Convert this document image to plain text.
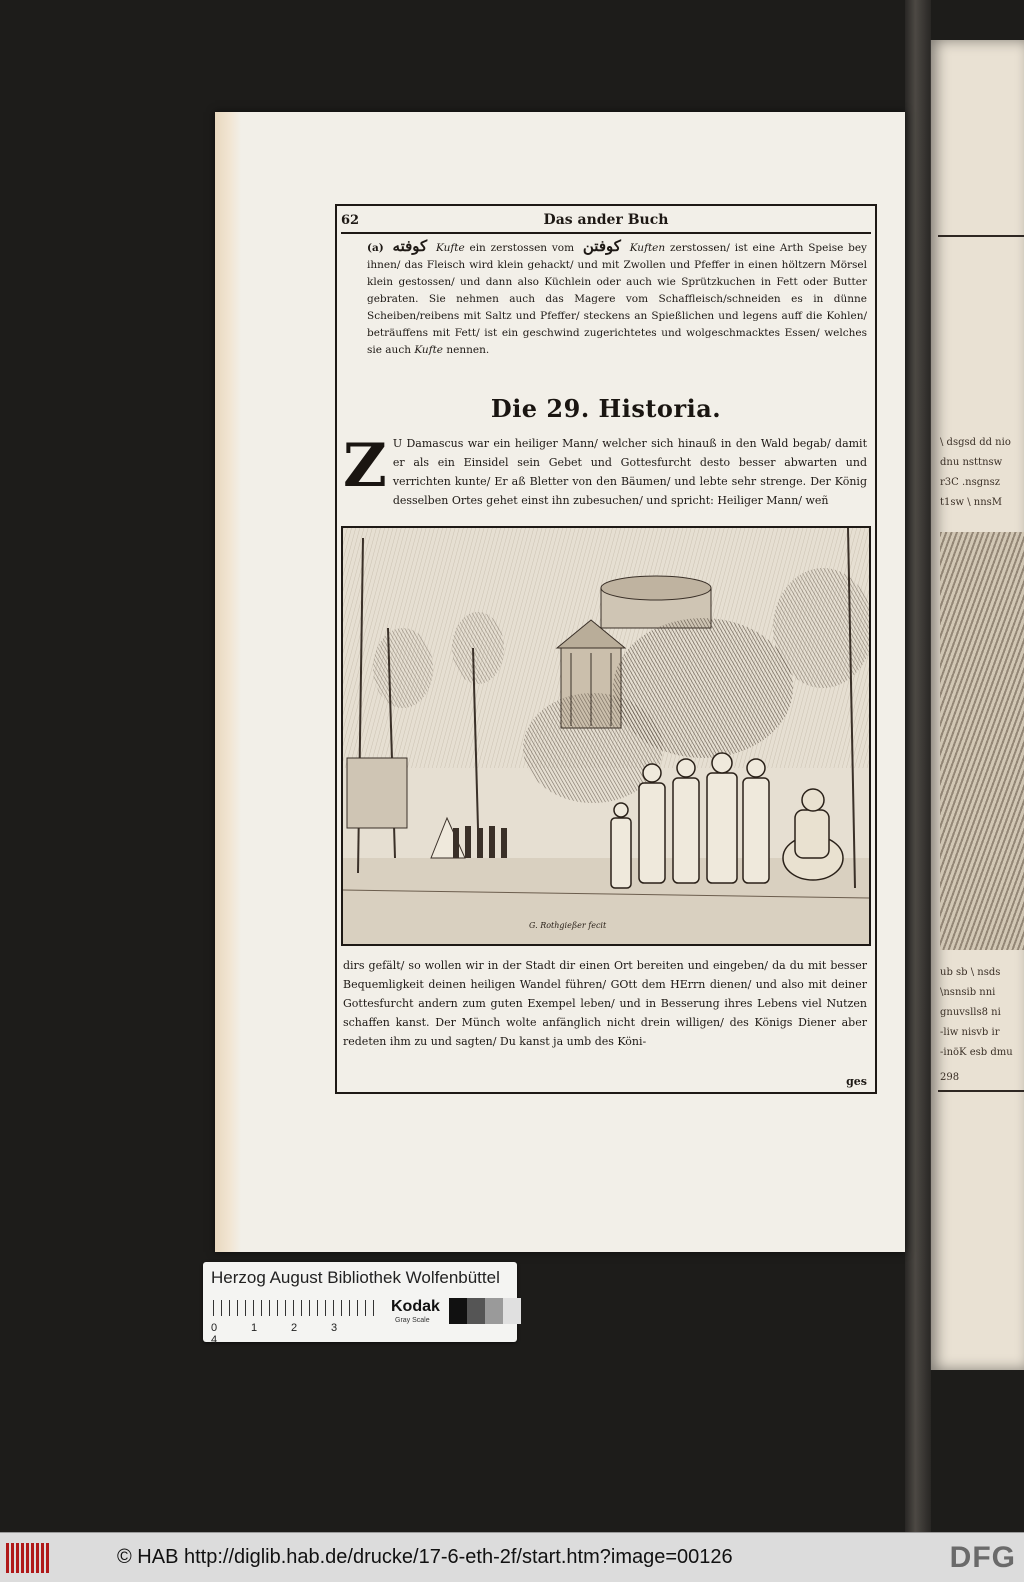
\ dsgsd dd nio
dnu nsttnsw
r3C .nsgnsz
t1sw \ nnsM
ub sb \ nsds
\nsnsib nni
gnuvslls8 ni
-liw nisvb ir
-inöK esb dmu
298
62	Das ander Buch
(a) كوفته Kufte ein zerstossen vom كوفتن Kuften zerstossen/ ist eine Arth Speise bey ihnen/ das Fleisch wird klein gehackt/ und mit Zwollen und Pfeffer in einen höltzern Mörsel klein gestossen/ und dann also Küchlein oder auch wie Sprützkuchen in Fett oder Butter gebraten. Sie nehmen auch das Magere vom Schaffleisch/schneiden es in dünne Scheiben/reibens mit Saltz und Pfeffer/ steckens an Spießlichen und legens auff die Kohlen/ beträuffens mit Fett/ ist ein geschwind zugerichtetes und wolgeschmacktes Essen/ welches sie auch Kufte nennen.
Die 29. Historia.
Z U Damascus war ein heiliger Mann/ welcher sich hinauß in den Wald begab/ damit er als ein Einsidel sein Gebet und Gottesfurcht desto besser abwarten und verrichten kunte/ Er aß Bletter von den Bäumen/ und lebte sehr strenge. Der König desselben Ortes gehet einst ihn zubesuchen/ und spricht: Heiliger Mann/ weñ
G. Rothgießer fecit
dirs gefält/ so wollen wir in der Stadt dir einen Ort bereiten und eingeben/ da du mit besser Bequemligkeit deinen heiligen Wandel führen/ GOtt dem HErrn dienen/ und also mit deiner Gottesfurcht andern zum guten Exempel leben/ und in Besserung ihres Lebens viel Nutzen schaffen kanst. Der Münch wolte anfänglich nicht drein willigen/ des Königs Diener aber redeten ihm zu und sagten/ Du kanst ja umb des Köni-
ges
Herzog August Bibliothek Wolfenbüttel
0	1	2	34
Kodak
Gray Scale
© HAB http://diglib.hab.de/drucke/17-6-eth-2f/start.htm?image=00126	DFG
